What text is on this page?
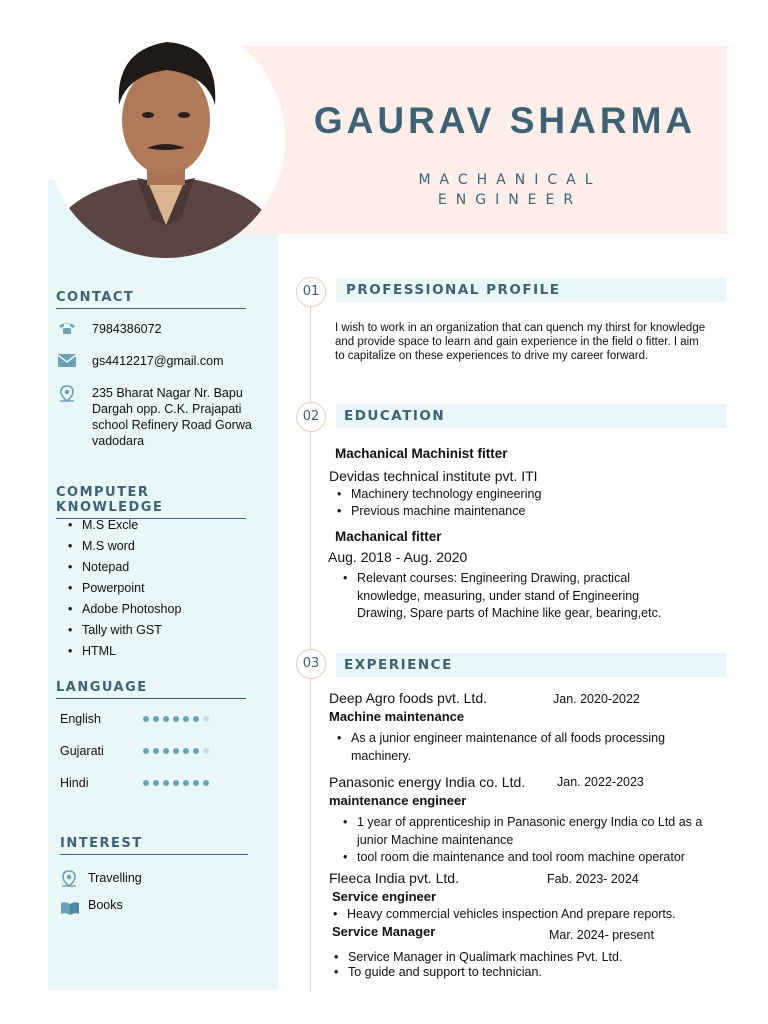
GAURAV SHARMA
MACHANICAL
ENGINEER
CONTACT
7984386072
gs4412217@gmail.com
235 Bharat Nagar Nr. Bapu Dargah opp. C.K. Prajapati school Refinery Road Gorwa vadodara
COMPUTER KNOWLEDGE
• M.S Excle
• M.S word
• Notepad
• Powerpoint
• Adobe Photoshop
• Tally with GST
• HTML
LANGUAGE
English
Gujarati
Hindi
INTEREST
Travelling
Books
PROFESSIONAL PROFILE
01
I wish to work in an organization that can quench my thirst for knowledge and provide space to learn and gain experience in the field o fitter. I aim to capitalize on these experiences to drive my career forward.
EDUCATION
02
Machanical Machinist fitter
Devidas technical institute pvt. ITI
• Machinery technology engineering
• Previous machine maintenance
Machanical fitter
Aug. 2018 - Aug. 2020
• Relevant courses: Engineering Drawing, practical knowledge, measuring, under stand of Engineering Drawing, Spare parts of Machine like gear, bearing,etc.
EXPERIENCE
03
Deep Agro foods pvt. Ltd.	Jan. 2020-2022
Machine maintenance
• As a junior engineer maintenance of all foods processing machinery.
Panasonic energy India co. Ltd.	Jan. 2022-2023
maintenance engineer
• 1 year of apprenticeship in Panasonic energy India co Ltd as a junior Machine maintenance
• tool room die maintenance and tool room machine operator
Fleeca India pvt. Ltd.	Fab. 2023- 2024
Service engineer
• Heavy commercial vehicles inspection And prepare reports.
Service Manager	Mar. 2024- present
• Service Manager in Qualimark machines Pvt. Ltd.
• To guide and support to technician.
